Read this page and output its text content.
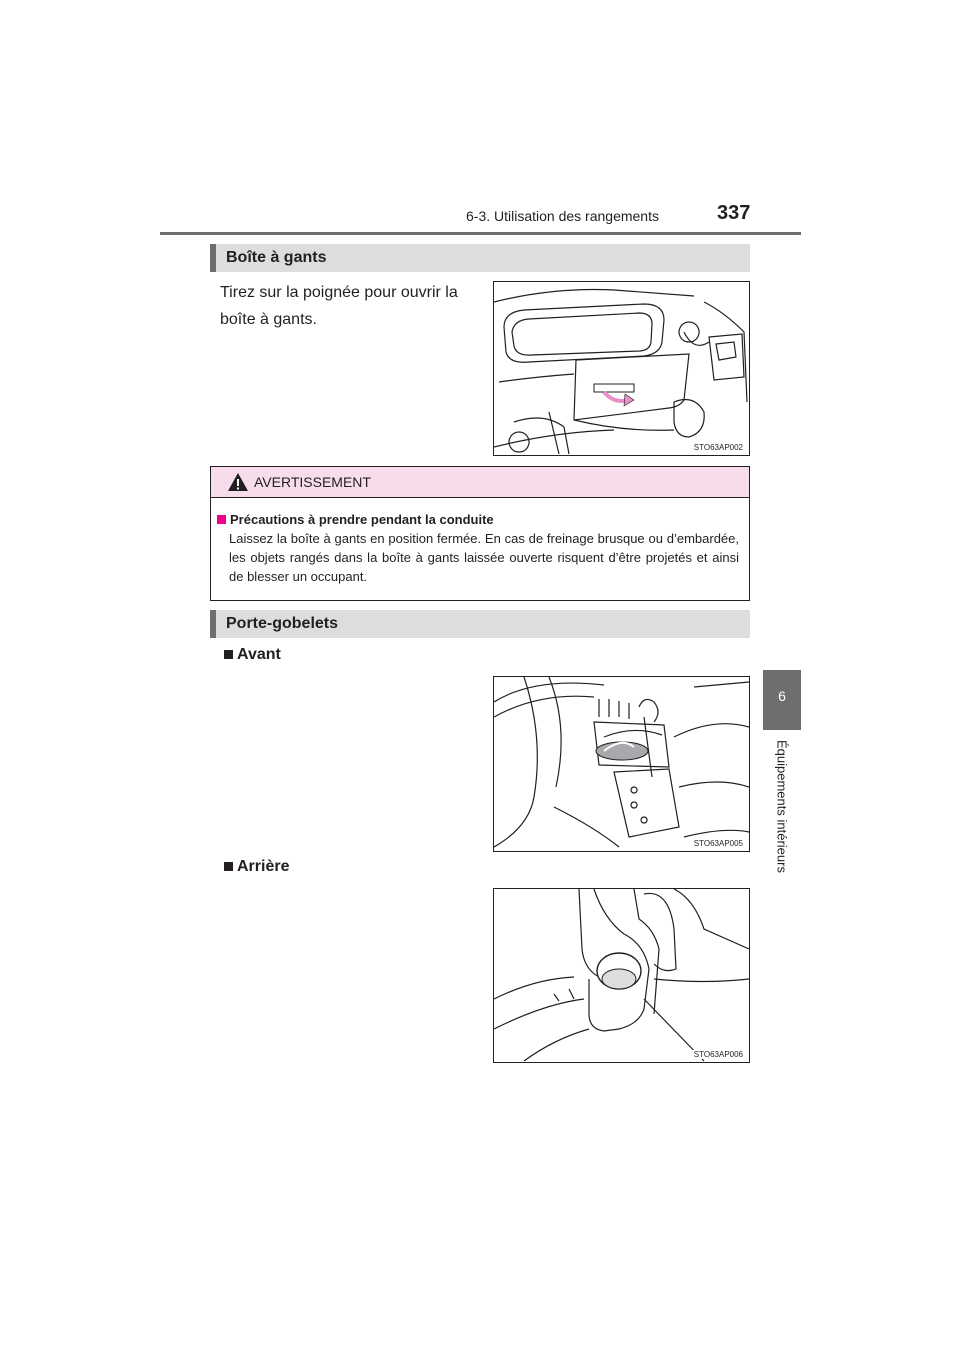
6-3. Utilisation des rangements	337
6
Équipements intérieurs
Boîte à gants
Tirez sur la poignée pour ouvrir la boîte à gants.
STO63AP002
AVERTISSEMENT
Précautions à prendre pendant la conduite
Laissez la boîte à gants en position fermée. En cas de freinage brusque ou d’embardée, les objets rangés dans la boîte à gants laissée ouverte risquent d’être projetés et ainsi de blesser un occupant.
Porte-gobelets
Avant
STO63AP005
Arrière
STO63AP006
